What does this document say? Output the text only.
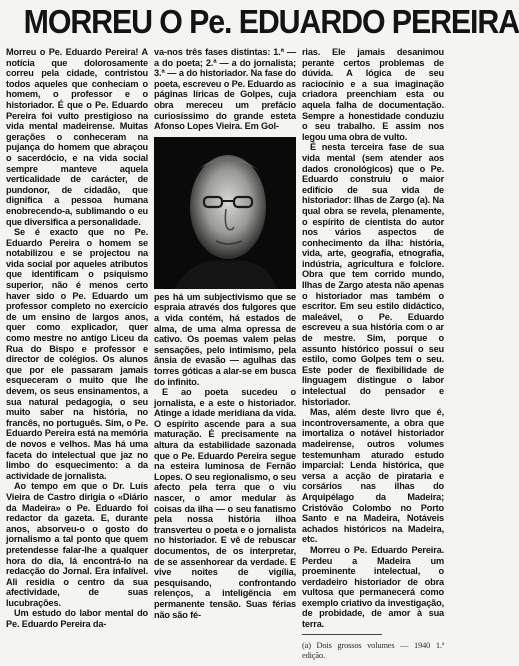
MORREU O Pe. EDUARDO PEREIRA

Morreu o Pe. Eduardo Pereira! A notícia que dolorosamente correu pela cidade, contristou todos aqueles que conheciam o homem, o professor e o historiador. É que o Pe. Eduardo Pereira foi vulto prestigioso na vida mental madeirense. Muitas gerações o conheceram na pujança do homem que abraçou o sacerdócio, e na vida social sempre manteve aquela verticalidade de carácter, de pundonor, de cidadão, que dignifica a pessoa humana enobrecendo-a, sublimando o eu que diversifica a personalidade.

Se é exacto que no Pe. Eduardo Pereira o homem se notabilizou e se projectou na vida social por aqueles atributos que identificam o psiquismo superior, não é menos certo haver sido o Pe. Eduardo um professor completo no exercício de um ensino de largos anos, quer como explicador, quer como mestre no antigo Liceu da Rua do Bispo e professor e director de colégios. Os alunos que por ele passaram jamais esqueceram o muito que lhe devem, os seus ensinamentos, a sua natural pedagogia, o seu muito saber na história, no francês, no português. Sim, o Pe. Eduardo Pereira está na memória de novos e velhos. Mas há uma faceta do intelectual que jaz no limbo do esquecimento: a da actividade de jornalista.

Ao tempo em que o Dr. Luís Vieira de Castro dirigia o «Diário da Madeira» o Pe. Eduardo foi redactor da gazeta. E, durante anos, absorveu-o o gosto do jornalismo a tal ponto que quem pretendesse falar-lhe a qualquer hora do dia, lá encontrá-lo na redacção do Jornal. Era infalível. Ali residia o centro da sua afectividade, de suas lucubrações.

Um estudo do labor mental do Pe. Eduardo Pereira da-

va-nos três fases distintas: 1.ª — a do poeta; 2.ª — a do jornalista; 3.ª — a do historiador. Na fase do poeta, escreveu o Pe. Eduardo as páginas líricas de Golpes, cuja obra mereceu um prefácio curiosíssimo do grande esteta Afonso Lopes Vieira. Em Gol-

pes há um subjectivismo que se espraia através dos fulgores que a vida contém, há estados de alma, de uma alma opressa de cativo. Os poemas valem pelas sensações, pelo intimismo, pela ânsia de evasão — agulhas das torres góticas a alar-se em busca do infinito.

E ao poeta sucedeu o jornalista, e a este o historiador. Atinge a idade meridiana da vida. O espírito ascende para a sua maturação. É precisamente na altura da estabilidade sazonada que o Pe. Eduardo Pereira segue na esteira luminosa de Fernão Lopes. O seu regionalismo, o seu afecto pela terra que o viu nascer, o amor medular às coisas da ilha — o seu fanatismo pela nossa história ilhoa transverteu o poeta e o jornalista no historiador. E vê de rebuscar documentos, de os interpretar, de se assenhorear da verdade. E vive noites de vigília, pesquisando, confrontando relenços, a inteligência em permanente tensão. Suas férias não são fé-

rias. Ele jamais desanimou perante certos problemas de dúvida. A lógica de seu raciocínio e a sua imaginação criadora preenchiam esta ou aquela falha de documentação. Sempre a honestidade conduziu o seu trabalho. E assim nos legou uma obra de vulto.

É nesta terceira fase de sua vida mental (sem atender aos dados cronológicos) que o Pe. Eduardo construiu o maior edifício de sua vida de historiador: Ilhas de Zargo (a). Na qual obra se revela, plenamente, o espírito de cientista do autor nos vários aspectos de conhecimento da ilha: história, vida, arte, geografia, etnografia, indústria, agricultura e folclore. Obra que tem corrido mundo, Ilhas de Zargo atesta não apenas o historiador mas também o escritor. Em seu estilo didáctico, maleável, o Pe. Eduardo escreveu a sua história com o ar de mestre. Sim, porque o assunto histórico possui o seu estilo, como Golpes tem o seu. Este poder de flexibilidade de linguagem distingue o labor intelectual do pensador e historiador.

Mas, além deste livro que é, incontroversamente, a obra que imortaliza o notável historiador madeirense, outros volumes testemunham aturado estudo imparcial: Lenda histórica, que versa a acção de pirataria e corsários nas ilhas do Arquipélago da Madeira; Cristóvão Colombo no Porto Santo e na Madeira, Notáveis achados históricos na Madeira, etc.

Morreu o Pe. Eduardo Pereira. Perdeu a Madeira um proeminente intelectual, o verdadeiro historiador de obra vultosa que permanecerá como exemplo criativo da investigação, de probidade, de amor à sua terra.

(a) Dois grossos volumes — 1940 1.ª edição.
